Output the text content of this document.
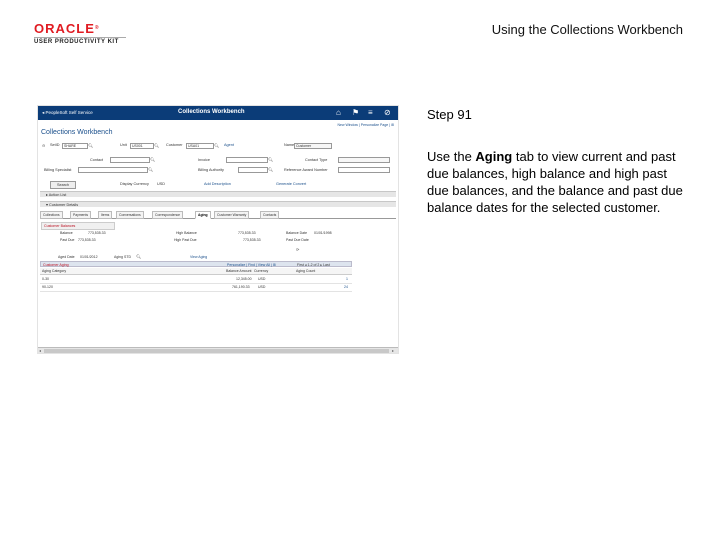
ORACLE®
USER PRODUCTIVITY KIT
Using the Collections Workbench
Step 91
Use the Aging tab to view current and past due balances, high balance and high past due balances, and the balance and past due balance dates for the selected customer.
◂ PeopleSoft Self Service	Collections Workbench	⌂ ⚑ ≡ ⊘
New Window | Personalize Page | ⊞
Collections Workbench
⊖ SetID SHARE	🔍︎	Unit US001	🔍︎ Customer USA01	🔍︎ Agent	Name Customer
Contact	🔍︎	Invoice	🔍︎	Contact Type
Billing Specialist	🔍︎	Billing Authority	🔍︎	Reference Award Number
Search	Display Currency USD	Add Description	Generate Convert
▸ Action List
▾ Customer Details
Collections	Payments	Items	Conversations	Correspondence	Aging	Customer Warranty	Contacts
Customer Balances
Balance	773,535.33	High Balance	773,535.33	Balance Date 01/01/1998
Past Due 773,535.33	High Past Due	773,535.33	Past Due Date
⟳
Aged Date 01/01/2012	Aging STD 🔍︎	View Aging
Customer Aging	Personalize | Find | View All | ⊞	First ◂ 1-2 of 2 ▸ Last
Aging Category	Balance Amount Currency	Aging Count
0-30	12,345.00 USD	1
90-120	761,190.33 USD	24
◂	▸
